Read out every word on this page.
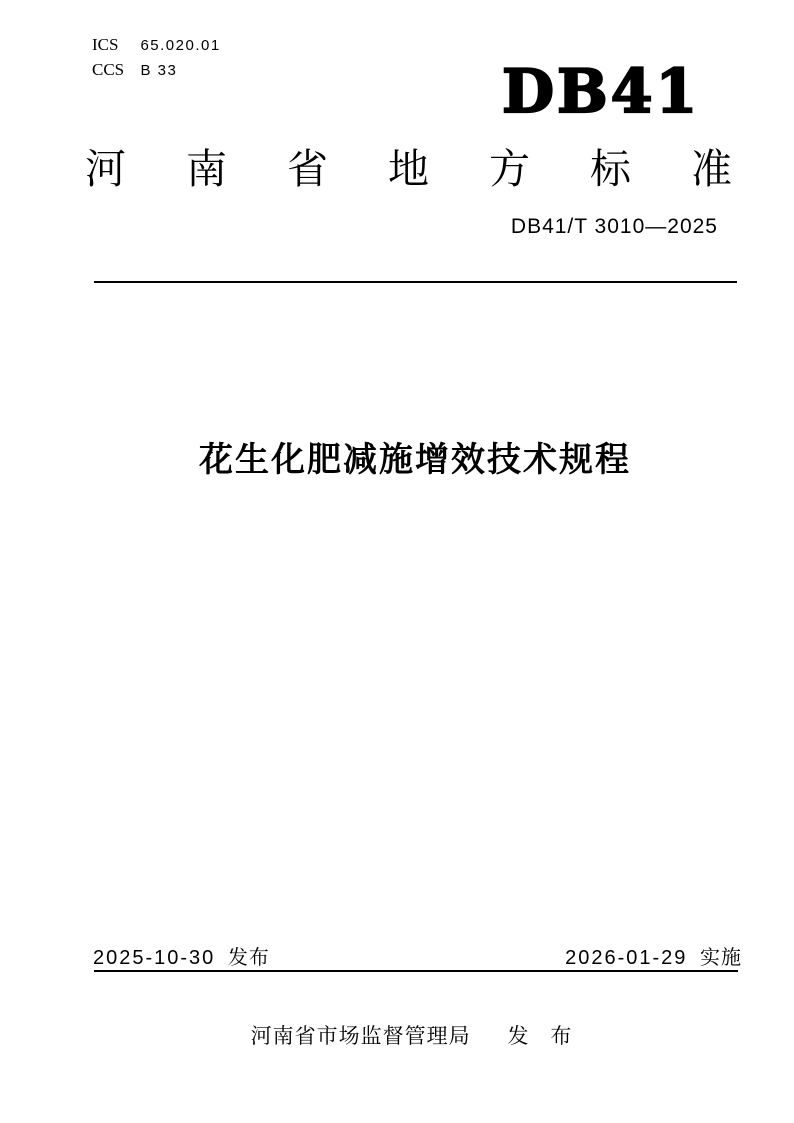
ICS 65.020.01
CCS B 33	DB41
河 南 省 地 方 标 准
DB41/T 3010—2025
花生化肥减施增效技术规程
2025-10-30 发布	2026-01-29 实施
河南省市场监督管理局 发 布
